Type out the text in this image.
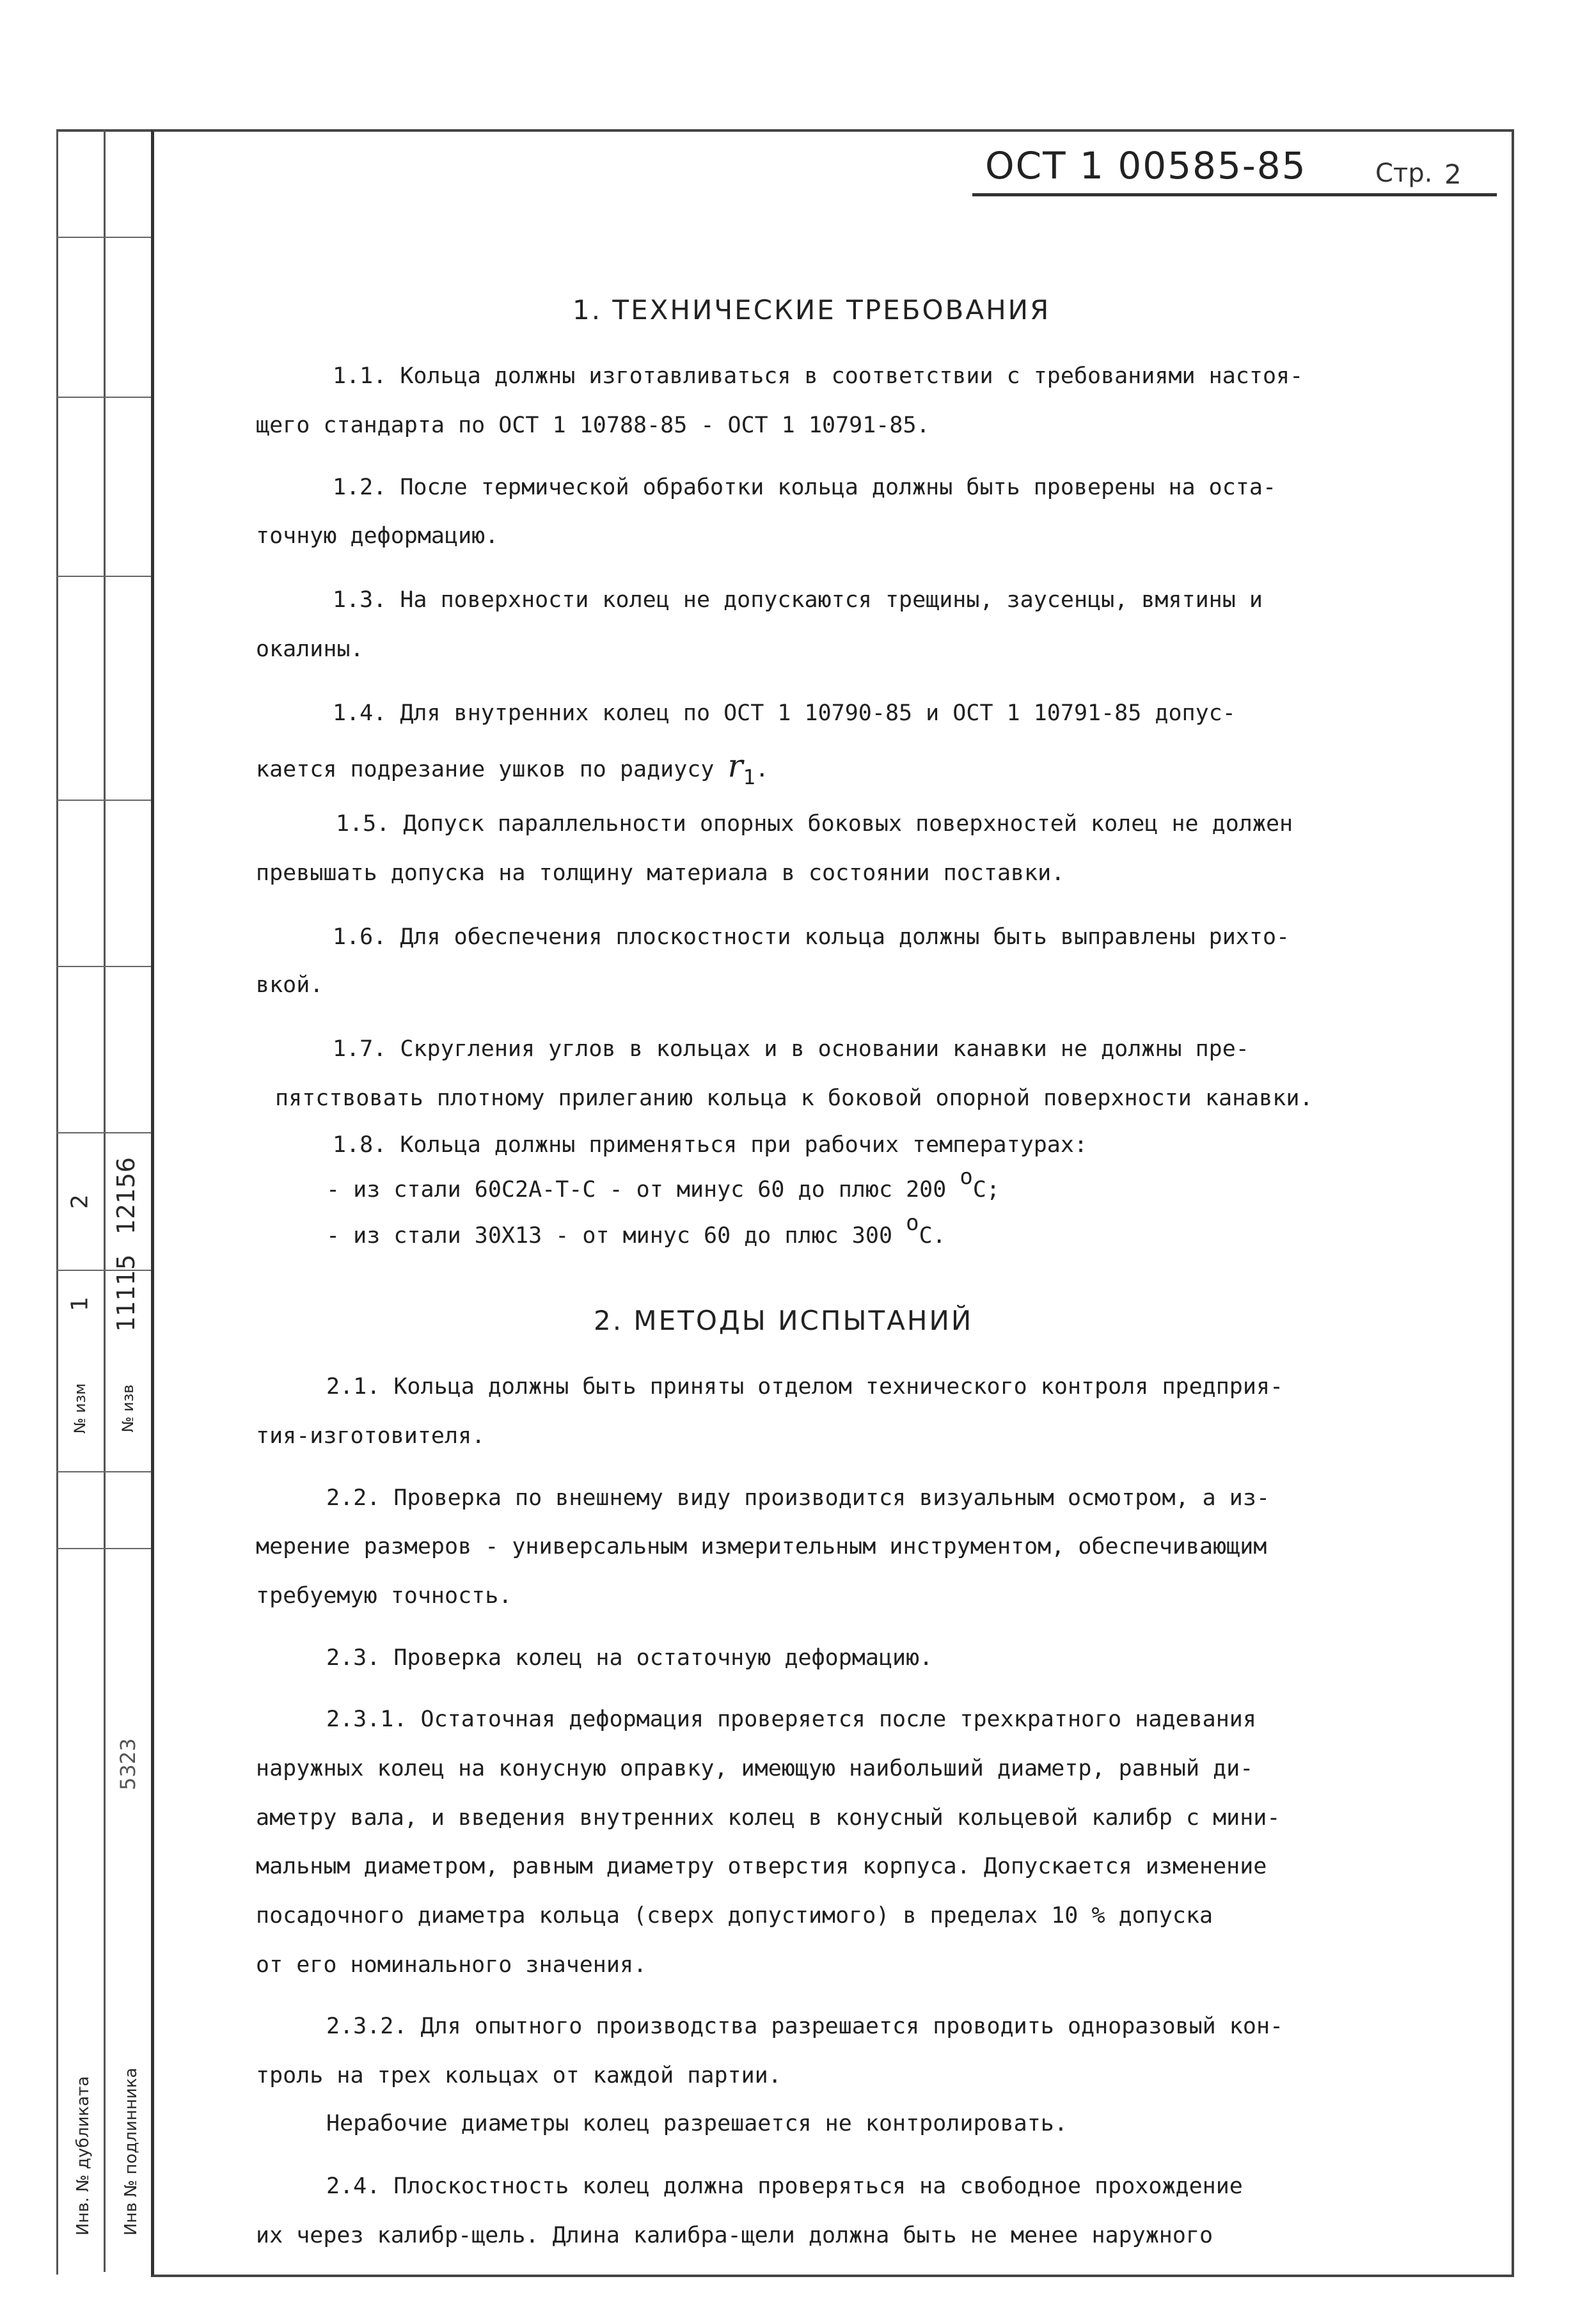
1
2
11115
12156
№ изм № изв
5323
Инв. № дубликата Инв № подлинника
ОСТ 1 00585-85	Стр. 2
1. ТЕХНИЧЕСКИЕ ТРЕБОВАНИЯ
1.1. Кольца должны изготавливаться в соответствии с требованиями настоя-
щего стандарта по ОСТ 1 10788-85 - ОСТ 1 10791-85.
1.2. После термической обработки кольца должны быть проверены на оста-
точную деформацию.
1.3. На поверхности колец не допускаются трещины, заусенцы, вмятины и
окалины.
1.4. Для внутренних колец по ОСТ 1 10790-85 и ОСТ 1 10791-85 допус-
кается подрезание ушков по радиусу r1.
1.5. Допуск параллельности опорных боковых поверхностей колец не должен
превышать допуска на толщину материала в состоянии поставки.
1.6. Для обеспечения плоскостности кольца должны быть выправлены рихто-
вкой.
1.7. Скругления углов в кольцах и в основании канавки не должны пре-
пятствовать плотному прилеганию кольца к боковой опорной поверхности канавки.
1.8. Кольца должны применяться при рабочих температурах:
- из стали 60С2А-Т-С - от минус 60 до плюс 200 oС;
- из стали 30Х13 - от минус 60 до плюс 300 oС.
2. МЕТОДЫ ИСПЫТАНИЙ
2.1. Кольца должны быть приняты отделом технического контроля предприя-
тия-изготовителя.
2.2. Проверка по внешнему виду производится визуальным осмотром, а из-
мерение размеров - универсальным измерительным инструментом, обеспечивающим
требуемую точность.
2.3. Проверка колец на остаточную деформацию.
2.3.1. Остаточная деформация проверяется после трехкратного надевания
наружных колец на конусную оправку, имеющую наибольший диаметр, равный ди-
аметру вала, и введения внутренних колец в конусный кольцевой калибр с мини-
мальным диаметром, равным диаметру отверстия корпуса. Допускается изменение
посадочного диаметра кольца (сверх допустимого) в пределах 10 % допуска
от его номинального значения.
2.3.2. Для опытного производства разрешается проводить одноразовый кон-
троль на трех кольцах от каждой партии.
Нерабочие диаметры колец разрешается не контролировать.
2.4. Плоскостность колец должна проверяться на свободное прохождение
их через калибр-щель. Длина калибра-щели должна быть не менее наружного
